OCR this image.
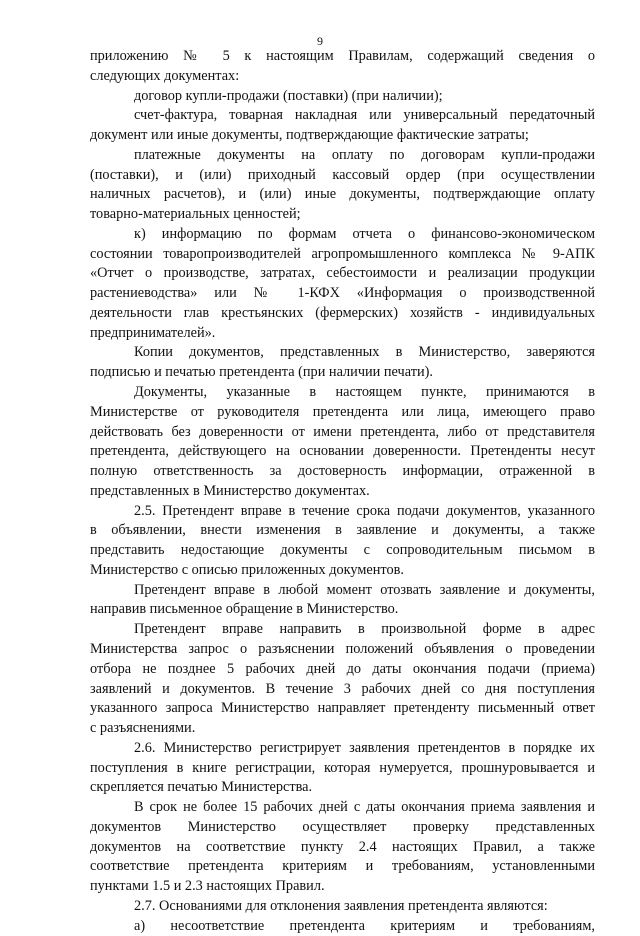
9
приложению № 5 к настоящим Правилам, содержащий сведения о
следующих документах:
договор купли-продажи (поставки) (при наличии);
счет-фактура, товарная накладная или универсальный передаточный
документ или иные документы, подтверждающие фактические затраты;
платежные документы на оплату по договорам купли-продажи
(поставки), и (или) приходный кассовый ордер (при осуществлении
наличных расчетов), и (или) иные документы, подтверждающие оплату
товарно-материальных ценностей;
к) информацию по формам отчета о финансово-экономическом
состоянии товаропроизводителей агропромышленного комплекса № 9-АПК
«Отчет о производстве, затратах, себестоимости и реализации продукции
растениеводства» или № 1-КФХ «Информация о производственной
деятельности глав крестьянских (фермерских) хозяйств - индивидуальных
предпринимателей».
Копии документов, представленных в Министерство, заверяются
подписью и печатью претендента (при наличии печати).
Документы, указанные в настоящем пункте, принимаются в
Министерстве от руководителя претендента или лица, имеющего право
действовать без доверенности от имени претендента, либо от представителя
претендента, действующего на основании доверенности. Претенденты несут
полную ответственность за достоверность информации, отраженной в
представленных в Министерство документах.
2.5. Претендент вправе в течение срока подачи документов, указанного
в объявлении, внести изменения в заявление и документы, а также
представить недостающие документы с сопроводительным письмом в
Министерство с описью приложенных документов.
Претендент вправе в любой момент отозвать заявление и документы,
направив письменное обращение в Министерство.
Претендент вправе направить в произвольной форме в адрес
Министерства запрос о разъяснении положений объявления о проведении
отбора не позднее 5 рабочих дней до даты окончания подачи (приема)
заявлений и документов. В течение 3 рабочих дней со дня поступления
указанного запроса Министерство направляет претенденту письменный ответ
с разъяснениями.
2.6. Министерство регистрирует заявления претендентов в порядке их
поступления в книге регистрации, которая нумеруется, прошнуровывается и
скрепляется печатью Министерства.
В срок не более 15 рабочих дней с даты окончания приема заявления и
документов Министерство осуществляет проверку представленных
документов на соответствие пункту 2.4 настоящих Правил, а также
соответствие претендента критериям и требованиям, установленными
пунктами 1.5 и 2.3 настоящих Правил.
2.7. Основаниями для отклонения заявления претендента являются:
а) несоответствие претендента критериям и требованиям,
